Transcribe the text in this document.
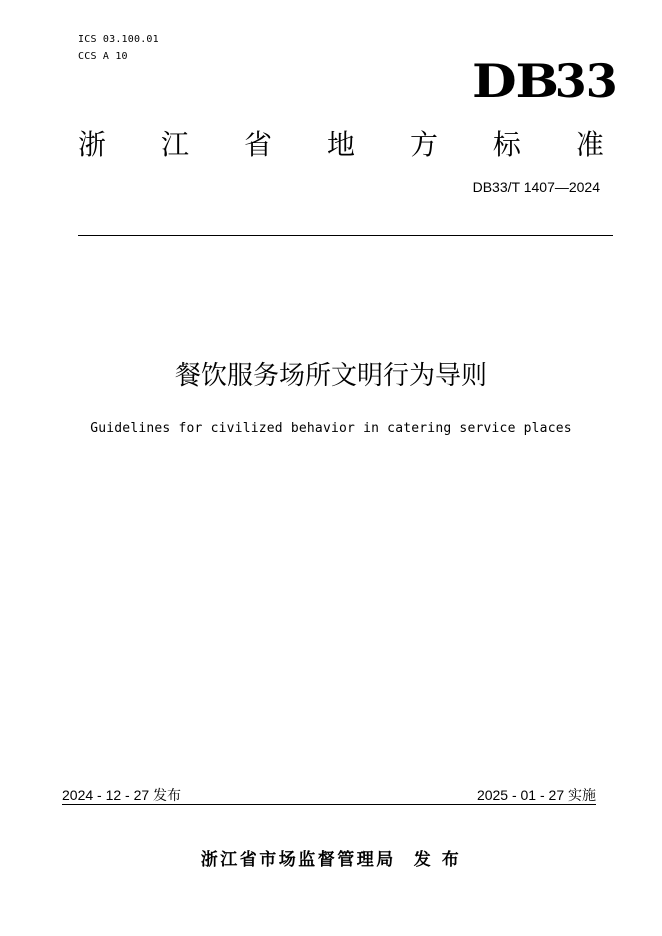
ICS 03.100.01
CCS A 10	DB
33
浙 江 省 地 方 标 准
DB33/T 1407—2024
餐饮服务场所文明行为导则
Guidelines for civilized behavior in catering service places
2024 - 12 - 27 发布	2025 - 01 - 27 实施
浙江省市场监督管理局 发 布
